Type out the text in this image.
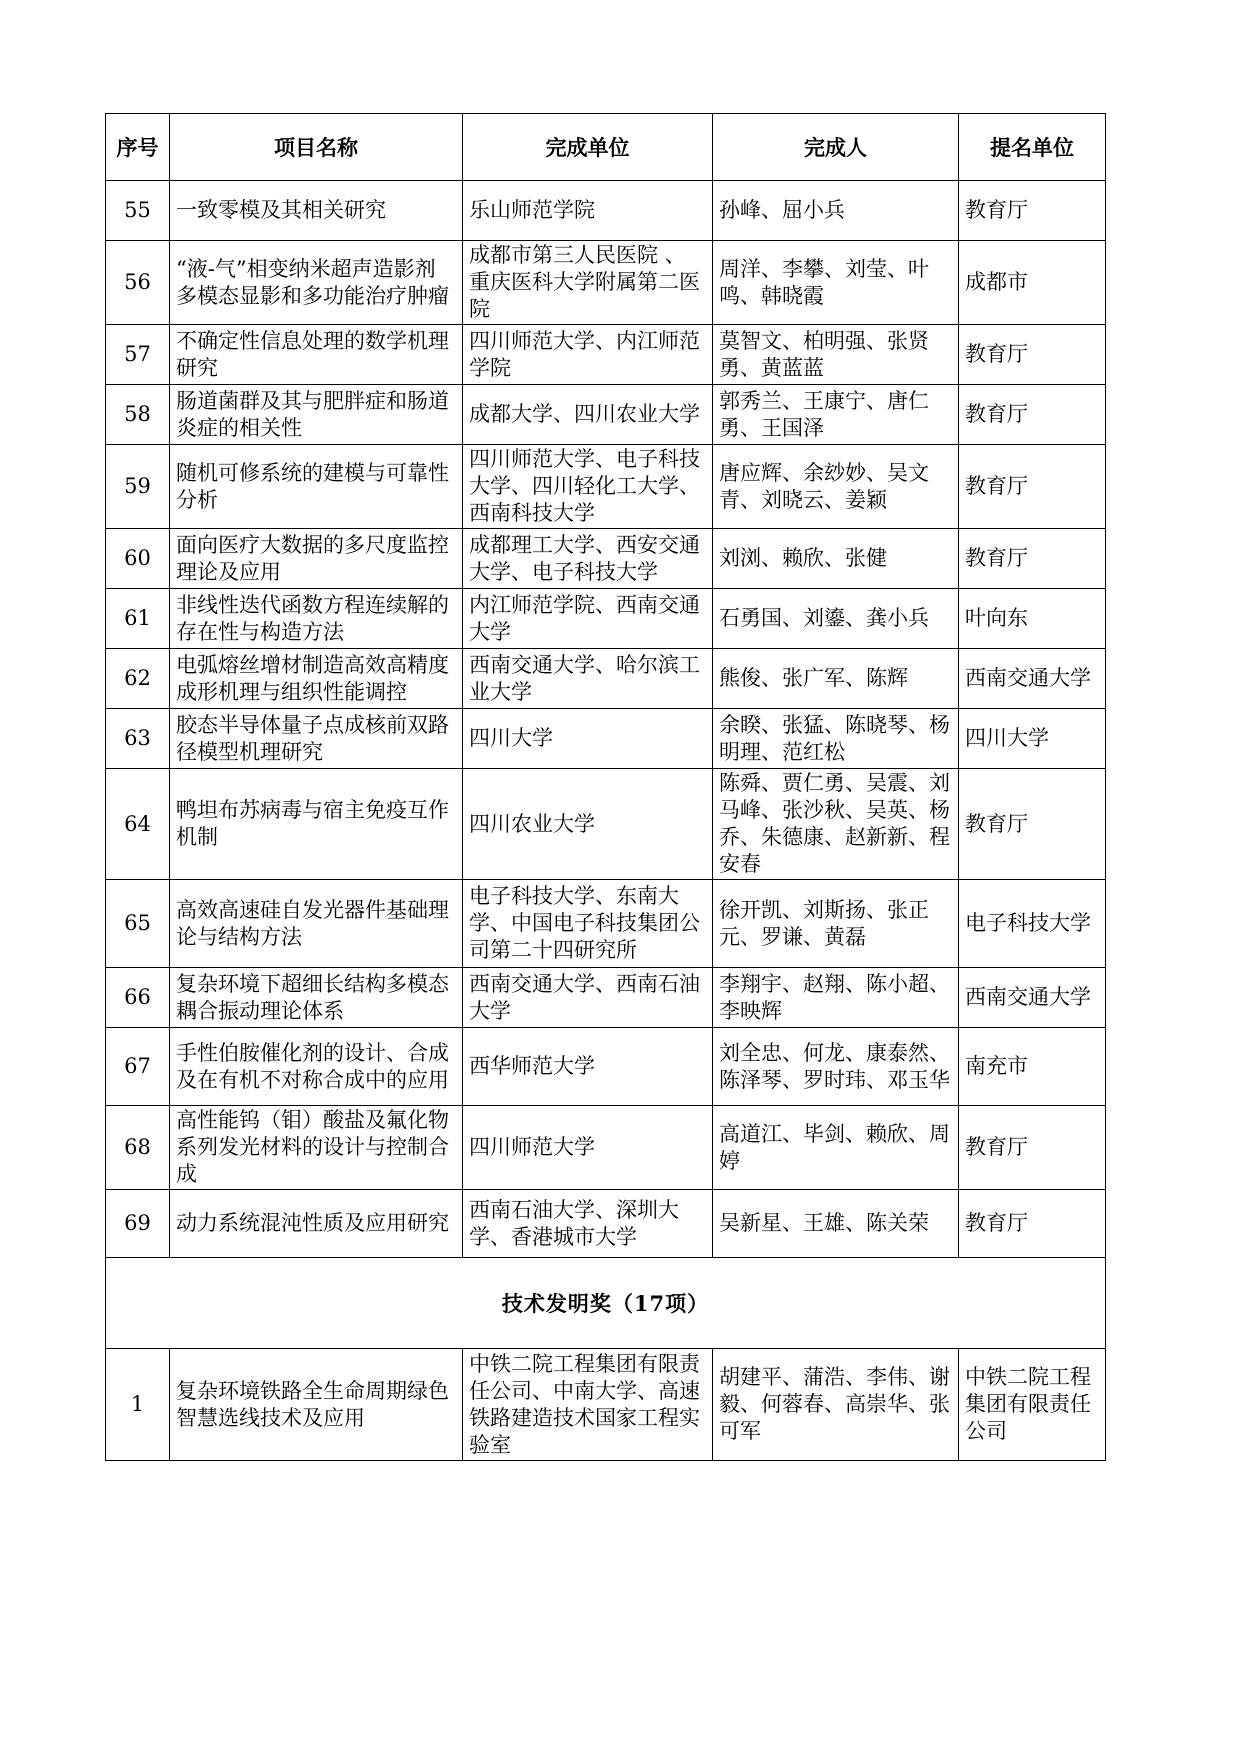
序号	项目名称	完成单位	完成人	提名单位
55	一致零模及其相关研究	乐山师范学院	孙峰、屈小兵	教育厅
56	“液-气”相变纳米超声造影剂多模态显影和多功能治疗肿瘤	成都市第三人民医院 、重庆医科大学附属第二医院	周洋、李攀、刘莹、叶鸣、韩晓霞	成都市
57	不确定性信息处理的数学机理研究	四川师范大学、内江师范学院	莫智文、柏明强、张贤勇、黄蓝蓝	教育厅
58	肠道菌群及其与肥胖症和肠道炎症的相关性	成都大学、四川农业大学	郭秀兰、王康宁、唐仁勇、王国泽	教育厅
59	随机可修系统的建模与可靠性分析	四川师范大学、电子科技大学、四川轻化工大学、西南科技大学	唐应辉、余玅妙、吴文青、刘晓云、姜颖	教育厅
60	面向医疗大数据的多尺度监控理论及应用	成都理工大学、西安交通大学、电子科技大学	刘浏、赖欣、张健	教育厅
61	非线性迭代函数方程连续解的存在性与构造方法	内江师范学院、西南交通大学	石勇国、刘鎏、龚小兵	叶向东
62	电弧熔丝增材制造高效高精度成形机理与组织性能调控	西南交通大学、哈尔滨工业大学	熊俊、张广军、陈辉	西南交通大学
63	胶态半导体量子点成核前双路径模型机理研究	四川大学	余睽、张猛、陈晓琴、杨明理、范红松	四川大学
64	鸭坦布苏病毒与宿主免疫互作机制	四川农业大学	陈舜、贾仁勇、吴震、刘马峰、张沙秋、吴英、杨乔、朱德康、赵新新、程安春	教育厅
65	高效高速硅自发光器件基础理论与结构方法	电子科技大学、东南大学、中国电子科技集团公司第二十四研究所	徐开凯、刘斯扬、张正元、罗谦、黄磊	电子科技大学
66	复杂环境下超细长结构多模态耦合振动理论体系	西南交通大学、西南石油大学	李翔宇、赵翔、陈小超、李映辉	西南交通大学
67	手性伯胺催化剂的设计、合成及在有机不对称合成中的应用	西华师范大学	刘全忠、何龙、康泰然、陈泽琴、罗时玮、邓玉华	南充市
68	高性能钨（钼）酸盐及氟化物系列发光材料的设计与控制合成	四川师范大学	高道江、毕剑、赖欣、周婷	教育厅
69	动力系统混沌性质及应用研究	西南石油大学、深圳大学、香港城市大学	吴新星、王雄、陈关荣	教育厅
技术发明奖（17项）				
1	复杂环境铁路全生命周期绿色智慧选线技术及应用	中铁二院工程集团有限责任公司、中南大学、高速铁路建造技术国家工程实验室	胡建平、蒲浩、李伟、谢毅、何蓉春、高崇华、张可军	中铁二院工程集团有限责任公司
